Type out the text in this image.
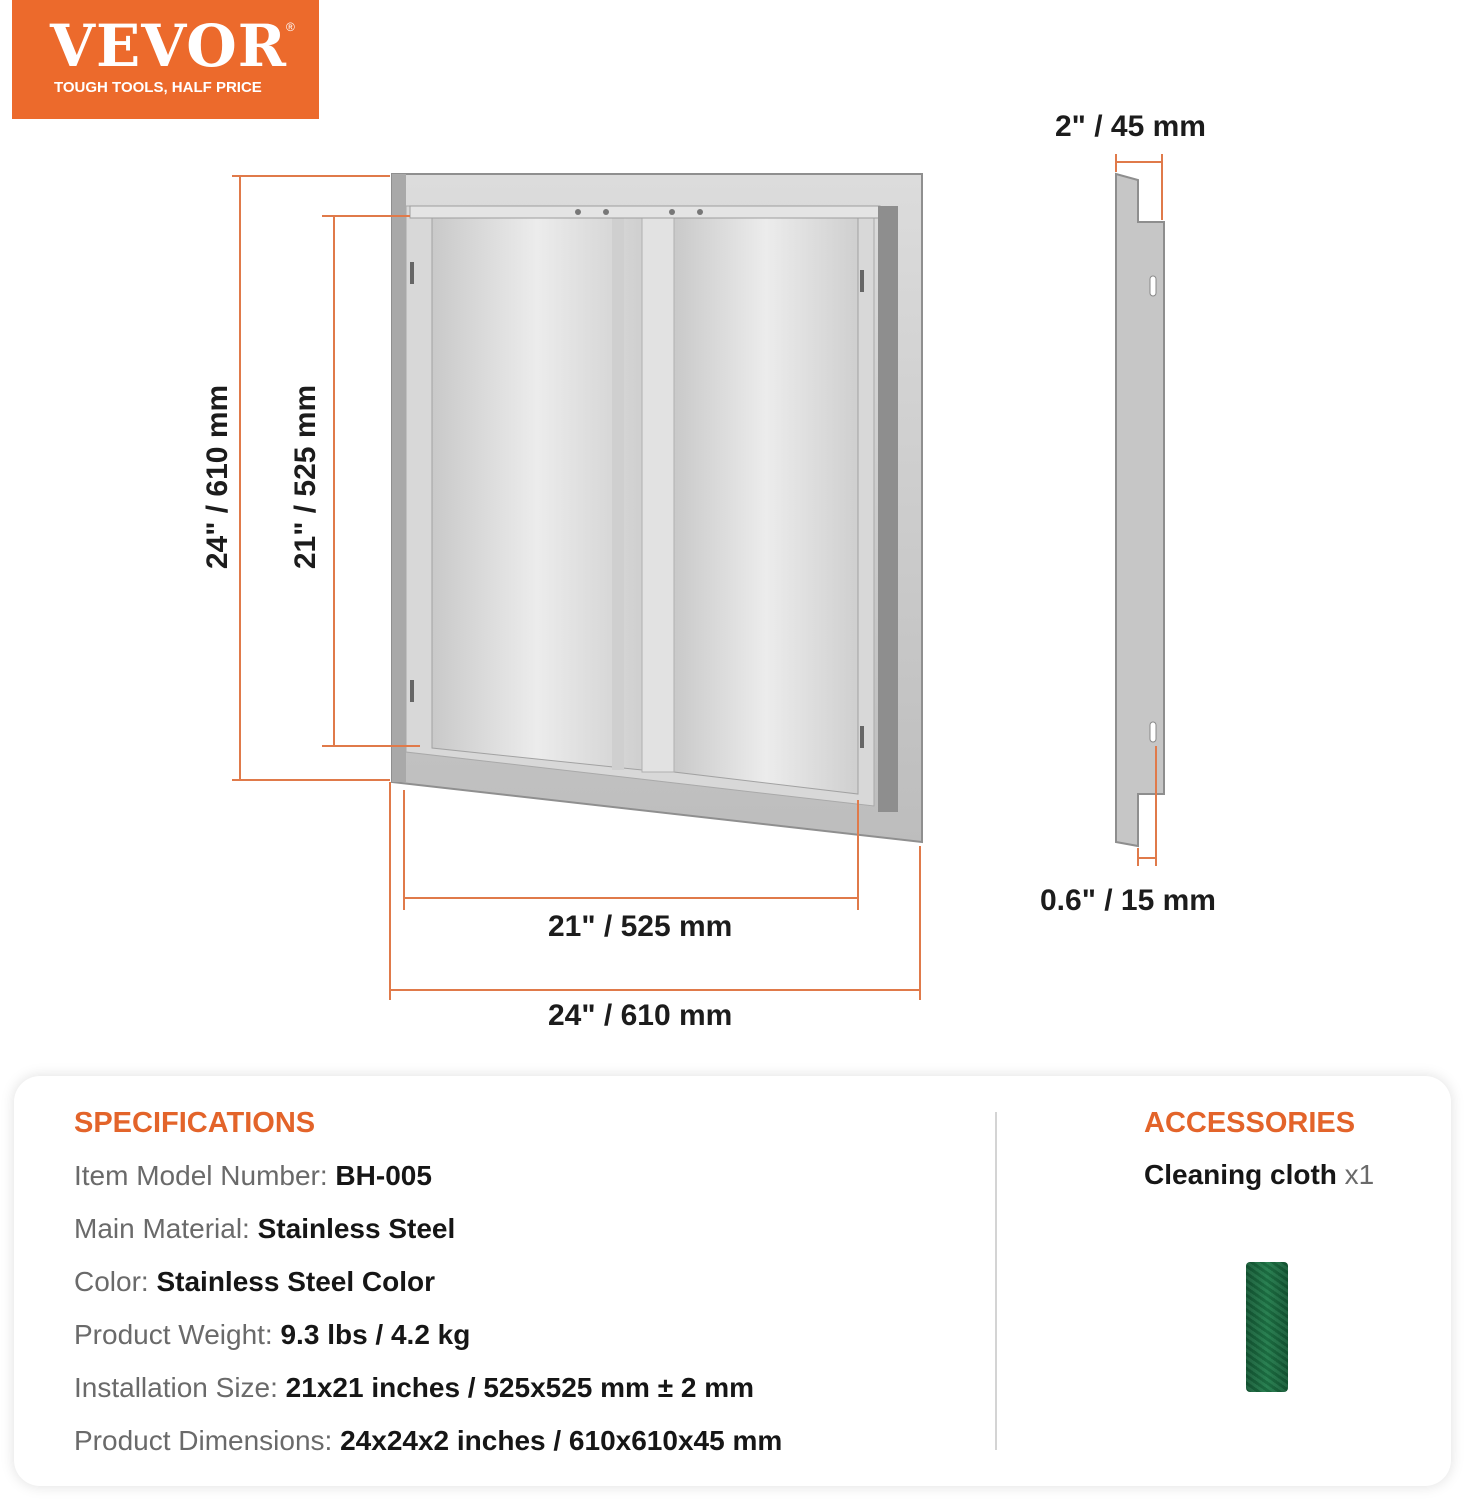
VEVOR ®
TOUGH TOOLS, HALF PRICE
24" / 610 mm 21" / 525 mm
21" / 525 mm
24" / 610 mm
2" / 45 mm
0.6" / 15 mm
SPECIFICATIONS
Item Model Number: BH-005
Main Material: Stainless Steel
Color: Stainless Steel Color
Product Weight: 9.3 lbs / 4.2 kg
Installation Size: 21x21 inches / 525x525 mm ± 2 mm
Product Dimensions: 24x24x2 inches / 610x610x45 mm
ACCESSORIES
Cleaning cloth x1
